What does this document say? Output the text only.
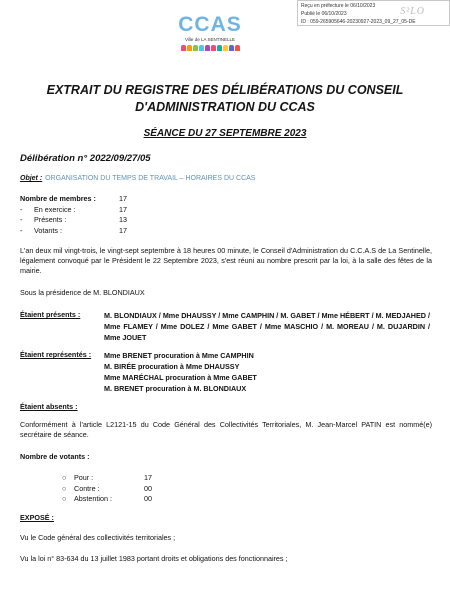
Reçu en préfecture le 06/10/2023
Publié le 06/10/2023
ID : 059-265905646-20230927-2023_09_27_05-DE
S²LO
CCAS
Ville de LA SENTINELLE
EXTRAIT DU REGISTRE DES DÉLIBÉRATIONS DU CONSEIL D'ADMINISTRATION DU CCAS
SÉANCE DU 27 SEPTEMBRE 2023
Délibération n° 2022/09/27/05
Objet : ORGANISATION DU TEMPS DE TRAVAIL – HORAIRES DU CCAS
Nombre de membres :	17
- En exercice :	17
- Présents :	13
- Votants :	17
L'an deux mil vingt-trois, le vingt-sept septembre à 18 heures 00 minute, le Conseil d'Administration du C.C.A.S de La Sentinelle, légalement convoqué par le Président le 22 Septembre 2023, s'est réuni au nombre prescrit par la loi, à la salle des fêtes de la mairie.
Sous la présidence de M. BLONDIAUX
Étaient présents :	M. BLONDIAUX / Mme DHAUSSY / Mme CAMPHIN / M. GABET / Mme HÉBERT / M. MEDJAHED / Mme FLAMEY / Mme DOLEZ / Mme GABET / Mme MASCHIO / M. MOREAU / M. DUJARDIN / Mme JOUET
Étaient représentés : Mme BRENET procuration à Mme CAMPHIN
M. BIRÉE procuration à Mme DHAUSSY
Mme MARÉCHAL procuration à Mme GABET
M. BRENET procuration à M. BLONDIAUX
Étaient absents :
Conformément à l'article L2121-15 du Code Général des Collectivités Territoriales, M. Jean-Marcel PATIN est nommé(e) secrétaire de séance.
Nombre de votants :
○	Pour :	17
○	Contre :	00
○	Abstention :	00
EXPOSÉ :
Vu le Code général des collectivités territoriales ;
Vu la loi n° 83-634 du 13 juillet 1983 portant droits et obligations des fonctionnaires ;
